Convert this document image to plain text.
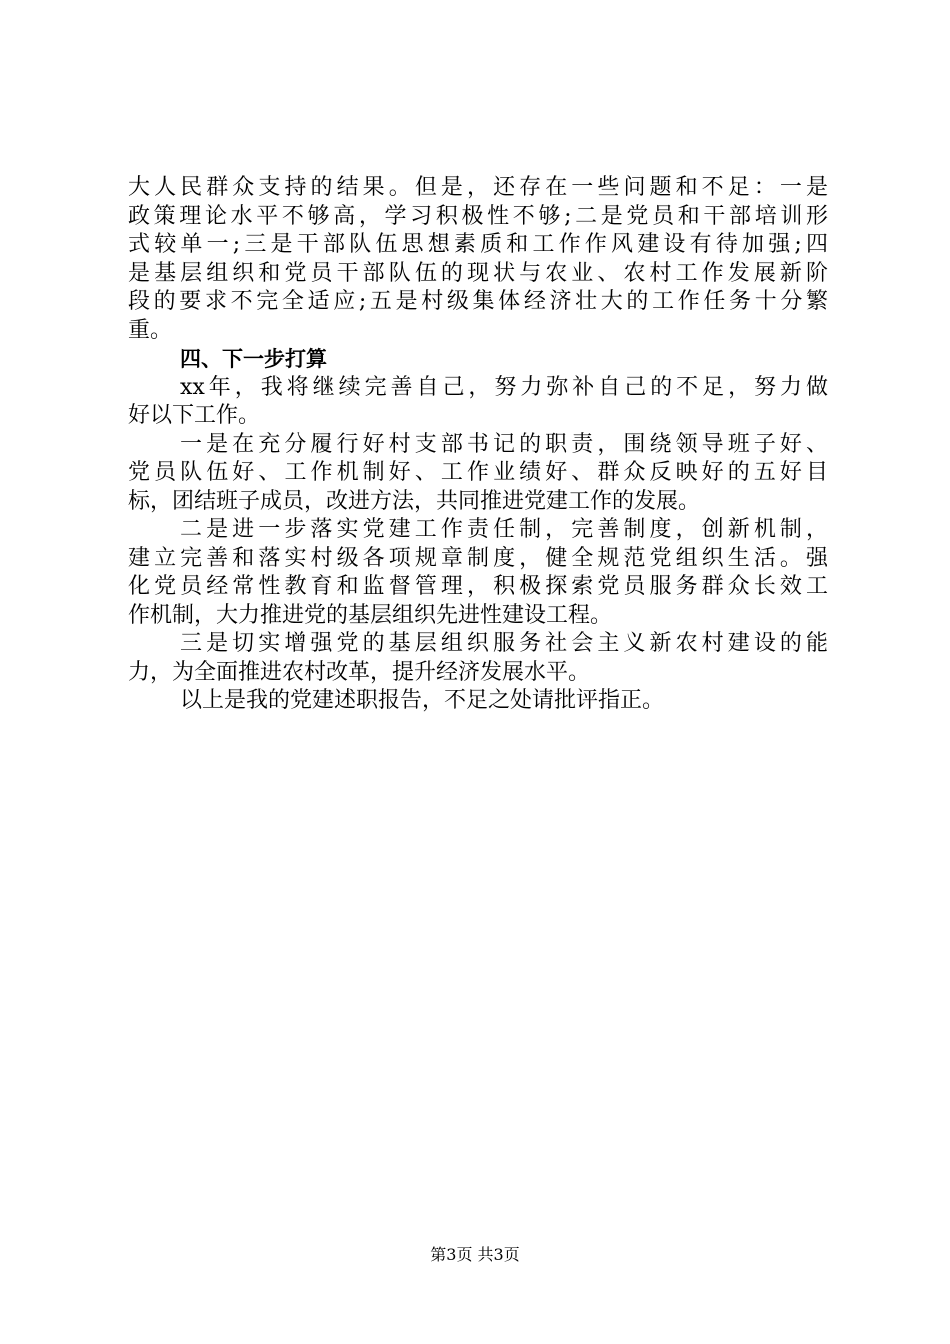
大人民群众支持的结果。但是，还存在一些问题和不足：一是
政策理论水平不够高，学习积极性不够;二是党员和干部培训形
式较单一;三是干部队伍思想素质和工作作风建设有待加强;四
是基层组织和党员干部队伍的现状与农业、农村工作发展新阶
段的要求不完全适应;五是村级集体经济壮大的工作任务十分繁
重。
四、下一步打算
xx年，我将继续完善自己，努力弥补自己的不足，努力做
好以下工作。
一是在充分履行好村支部书记的职责，围绕领导班子好、
党员队伍好、工作机制好、工作业绩好、群众反映好的五好目
标，团结班子成员，改进方法，共同推进党建工作的发展。
二是进一步落实党建工作责任制，完善制度，创新机制，
建立完善和落实村级各项规章制度，健全规范党组织生活。强
化党员经常性教育和监督管理，积极探索党员服务群众长效工
作机制，大力推进党的基层组织先进性建设工程。
三是切实增强党的基层组织服务社会主义新农村建设的能
力，为全面推进农村改革，提升经济发展水平。
以上是我的党建述职报告，不足之处请批评指正。
第3页 共3页
